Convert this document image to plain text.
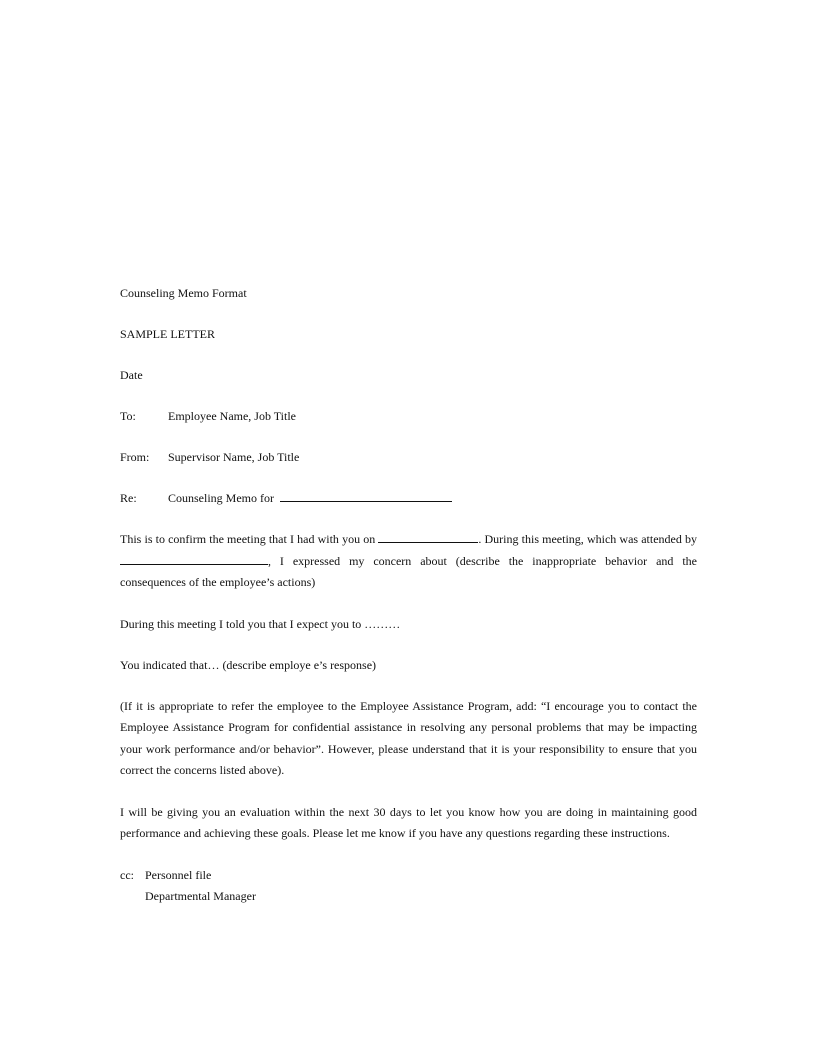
Counseling Memo Format

SAMPLE LETTER

Date

To:	Employee Name, Job Title
From:	Supervisor Name, Job Title
Re:	Counseling Memo for

This is to confirm the meeting that I had with you on	. During this meeting, which was attended by , I expressed my concern about (describe the inappropriate behavior and the consequences of the employee’s actions)

During this meeting I told you that I expect you to ………

You indicated that… (describe employe e’s response)

(If it is appropriate to refer the employee to the Employee Assistance Program, add: “I encourage you to contact the Employee Assistance Program for confidential assistance in resolving any personal problems that may be impacting your work performance and/or behavior”. However, please understand that it is your responsibility to ensure that you correct the concerns listed above).

I will be giving you an evaluation within the next 30 days to let you know how you are doing in maintaining good performance and achieving these goals. Please let me know if you have any questions regarding these instructions.

cc: Personnel file
Departmental Manager
